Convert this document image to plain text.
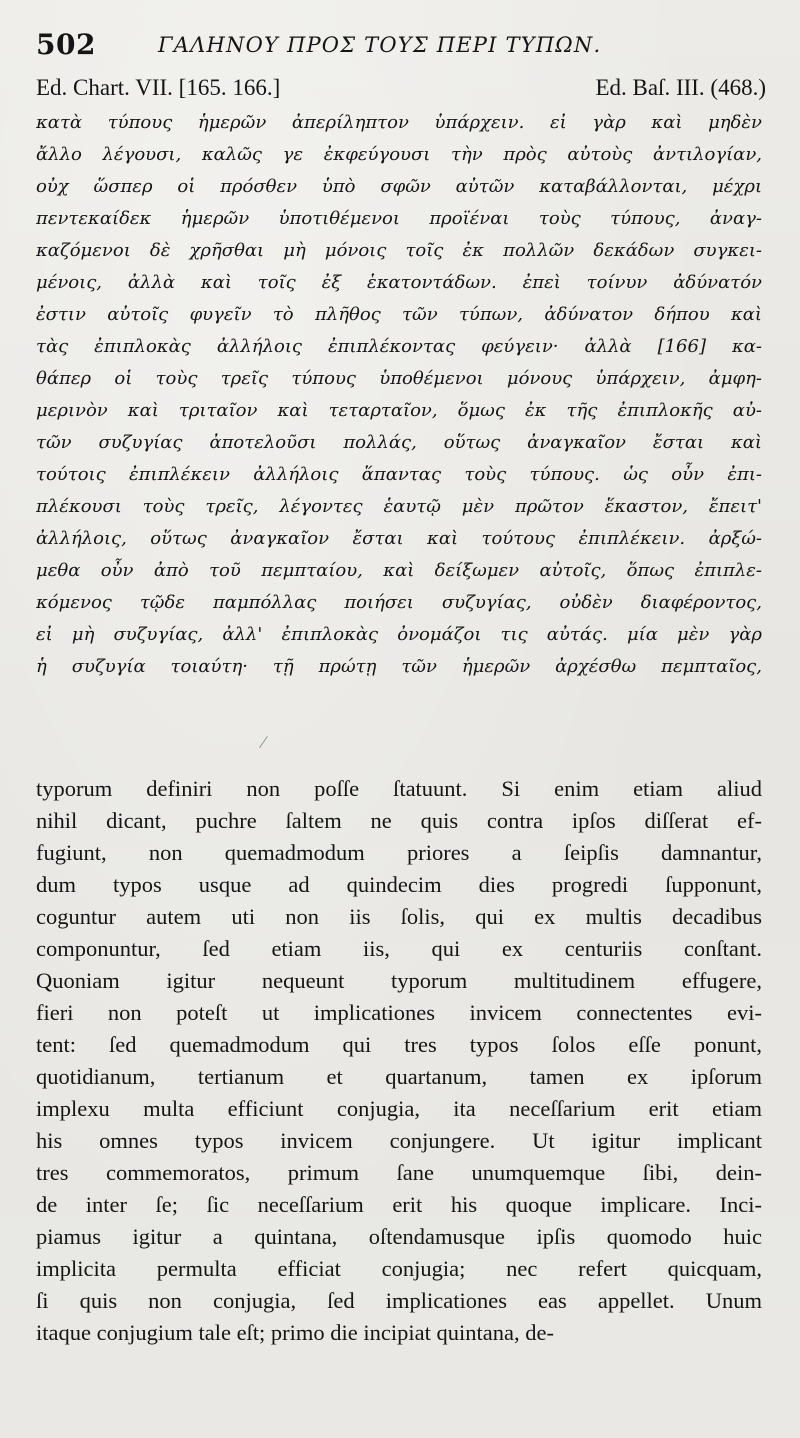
502	ΓΑΛΗΝΟΥ ΠΡΟΣ ΤΟΥΣ ΠΕΡΙ ΤΥΠΩΝ.
Ed. Chart. VII. [165. 166.]	Ed. Baſ. III. (468.)
κατὰ τύπους ἡμερῶν ἀπερίληπτον ὑπάρχειν. εἰ γὰρ καὶ μηδὲν
ἄλλο λέγουσι, καλῶς γε ἐκφεύγουσι τὴν πρὸς αὐτοὺς ἀντιλογίαν,
οὐχ ὥσπερ οἱ πρόσθεν ὑπὸ σφῶν αὐτῶν καταβάλλονται, μέχρι
πεντεκαίδεκ ἡμερῶν ὑποτιθέμενοι προϊέναι τοὺς τύπους, ἀναγ-
καζόμενοι δὲ χρῆσθαι μὴ μόνοις τοῖς ἐκ πολλῶν δεκάδων συγκει-
μένοις, ἀλλὰ καὶ τοῖς ἐξ ἑκατοντάδων. ἐπεὶ τοίνυν ἀδύνατόν
ἐστιν αὐτοῖς φυγεῖν τὸ πλῆθος τῶν τύπων, ἀδύνατον δήπου καὶ
τὰς ἐπιπλοκὰς ἀλλήλοις ἐπιπλέκοντας φεύγειν· ἀλλὰ [166] κα-
θάπερ οἱ τοὺς τρεῖς τύπους ὑποθέμενοι μόνους ὑπάρχειν, ἀμφη-
μερινὸν καὶ τριταῖον καὶ τεταρταῖον, ὅμως ἐκ τῆς ἐπιπλοκῆς αὐ-
τῶν συζυγίας ἀποτελοῦσι πολλάς, οὕτως ἀναγκαῖον ἔσται καὶ
τούτοις ἐπιπλέκειν ἀλλήλοις ἅπαντας τοὺς τύπους. ὡς οὖν ἐπι-
πλέκουσι τοὺς τρεῖς, λέγοντες ἑαυτῷ μὲν πρῶτον ἕκαστον, ἔπειτ'
ἀλλήλοις, οὕτως ἀναγκαῖον ἔσται καὶ τούτους ἐπιπλέκειν. ἀρξώ-
μεθα οὖν ἀπὸ τοῦ πεμπταίου, καὶ δείξωμεν αὐτοῖς, ὅπως ἐπιπλε-
κόμενος τῷδε παμπόλλας ποιήσει συζυγίας, οὐδὲν διαφέροντος,
εἰ μὴ συζυγίας, ἀλλ' ἐπιπλοκὰς ὀνομάζοι τις αὐτάς. μία μὲν γὰρ
ἡ συζυγία τοιαύτη· τῇ πρώτῃ τῶν ἡμερῶν ἀρχέσθω πεμπταῖος,
typorum definiri non poſſe ſtatuunt. Si enim etiam aliud
nihil dicant, puchre ſaltem ne quis contra ipſos diſſerat ef-
fugiunt, non quemadmodum priores a ſeipſis damnantur,
dum typos usque ad quindecim dies progredi ſupponunt,
coguntur autem uti non iis ſolis, qui ex multis decadibus
componuntur, ſed etiam iis, qui ex centuriis conſtant.
Quoniam igitur nequeunt typorum multitudinem effugere,
fieri non poteſt ut implicationes invicem connectentes evi-
tent: ſed quemadmodum qui tres typos ſolos eſſe ponunt,
quotidianum, tertianum et quartanum, tamen ex ipſorum
implexu multa efficiunt conjugia, ita neceſſarium erit etiam
his omnes typos invicem conjungere. Ut igitur implicant
tres commemoratos, primum ſane unumquemque ſibi, dein-
de inter ſe; ſic neceſſarium erit his quoque implicare. Inci-
piamus igitur a quintana, oſtendamusque ipſis quomodo huic
implicita permulta efficiat conjugia; nec refert quicquam,
ſi quis non conjugia, ſed implicationes eas appellet. Unum
itaque conjugium tale eſt; primo die incipiat quintana, de-
